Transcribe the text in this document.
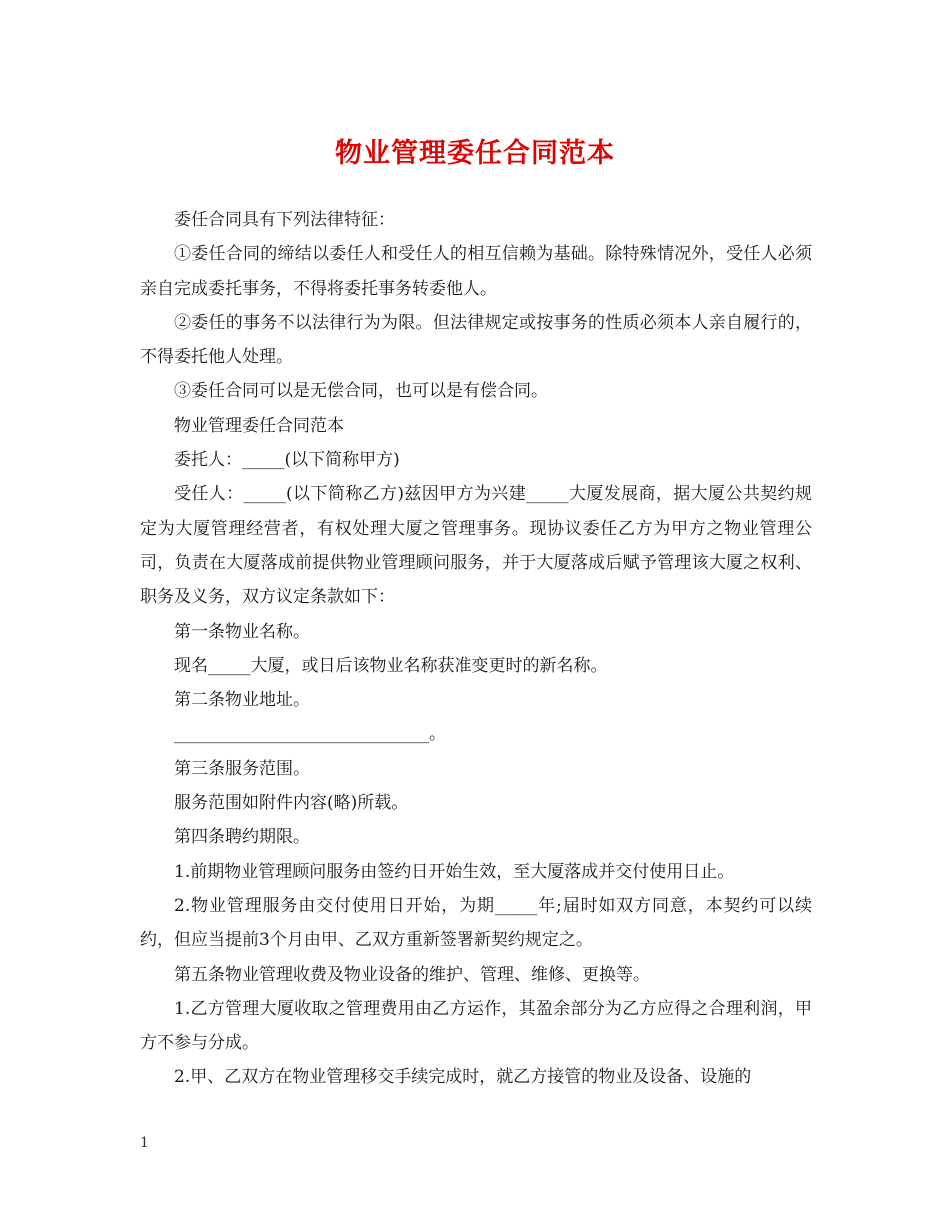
物业管理委任合同范本

委任合同具有下列法律特征：

①委任合同的缔结以委任人和受任人的相互信赖为基础。除特殊情况外，受任人必须亲自完成委托事务，不得将委托事务转委他人。

②委任的事务不以法律行为为限。但法律规定或按事务的性质必须本人亲自履行的，不得委托他人处理。

③委任合同可以是无偿合同，也可以是有偿合同。

物业管理委任合同范本

委托人：_____(以下简称甲方)

受任人：_____(以下简称乙方)兹因甲方为兴建_____大厦发展商，据大厦公共契约规定为大厦管理经营者，有权处理大厦之管理事务。现协议委任乙方为甲方之物业管理公司，负责在大厦落成前提供物业管理顾问服务，并于大厦落成后赋予管理该大厦之权利、职务及义务，双方议定条款如下：

第一条物业名称。

现名_____大厦，或日后该物业名称获准变更时的新名称。

第二条物业地址。

______________________________。

第三条服务范围。

服务范围如附件内容(略)所载。

第四条聘约期限。

1.前期物业管理顾问服务由签约日开始生效，至大厦落成并交付使用日止。

2.物业管理服务由交付使用日开始，为期_____年;届时如双方同意，本契约可以续约，但应当提前3个月由甲、乙双方重新签署新契约规定之。

第五条物业管理收费及物业设备的维护、管理、维修、更换等。

1.乙方管理大厦收取之管理费用由乙方运作，其盈余部分为乙方应得之合理利润，甲方不参与分成。

2.甲、乙双方在物业管理移交手续完成时，就乙方接管的物业及设备、设施的

1
